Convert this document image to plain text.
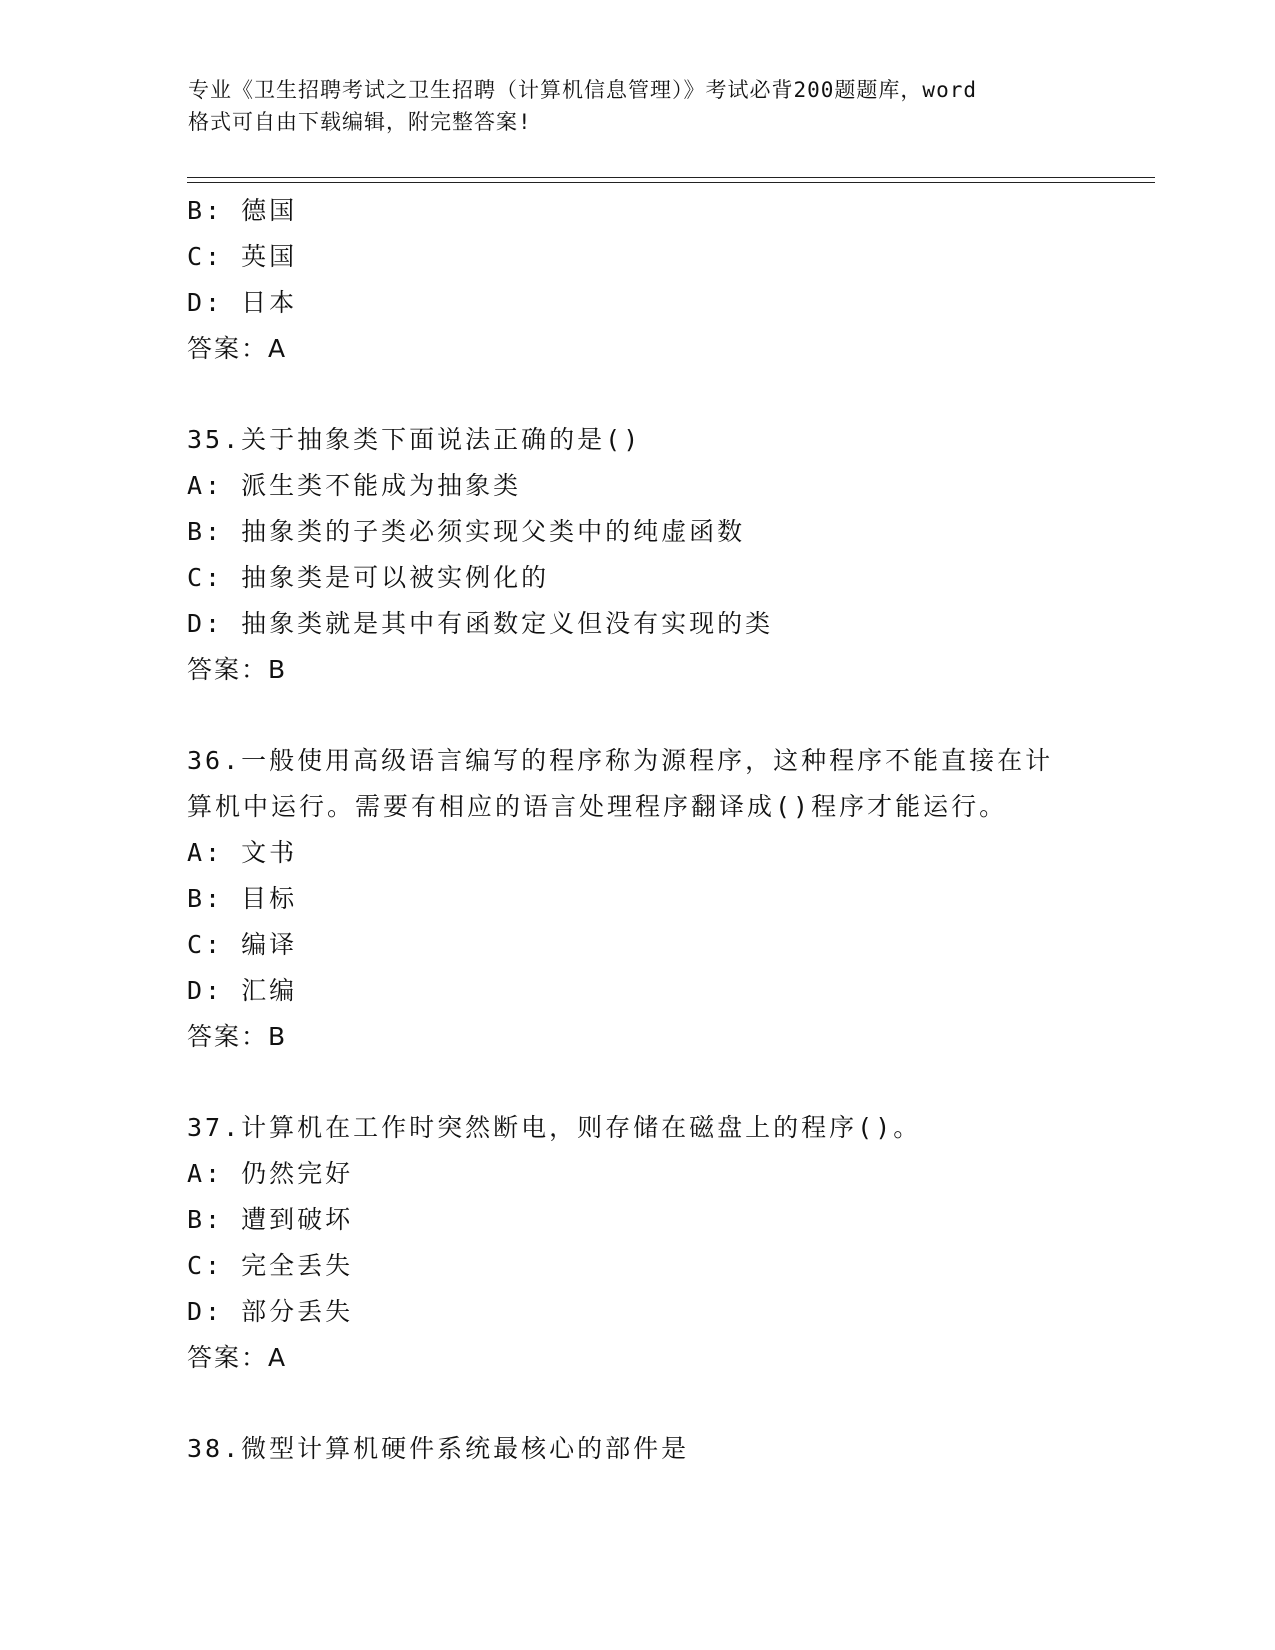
专业《卫生招聘考试之卫生招聘（计算机信息管理）》考试必背200题题库，word
格式可自由下载编辑，附完整答案!
B: 德国
C: 英国
D: 日本
答案：A
35.关于抽象类下面说法正确的是()
A: 派生类不能成为抽象类
B: 抽象类的子类必须实现父类中的纯虚函数
C: 抽象类是可以被实例化的
D: 抽象类就是其中有函数定义但没有实现的类
答案：B
36.一般使用高级语言编写的程序称为源程序，这种程序不能直接在计
算机中运行。需要有相应的语言处理程序翻译成()程序才能运行。
A: 文书
B: 目标
C: 编译
D: 汇编
答案：B
37.计算机在工作时突然断电，则存储在磁盘上的程序()。
A: 仍然完好
B: 遭到破坏
C: 完全丢失
D: 部分丢失
答案：A
38.微型计算机硬件系统最核心的部件是
